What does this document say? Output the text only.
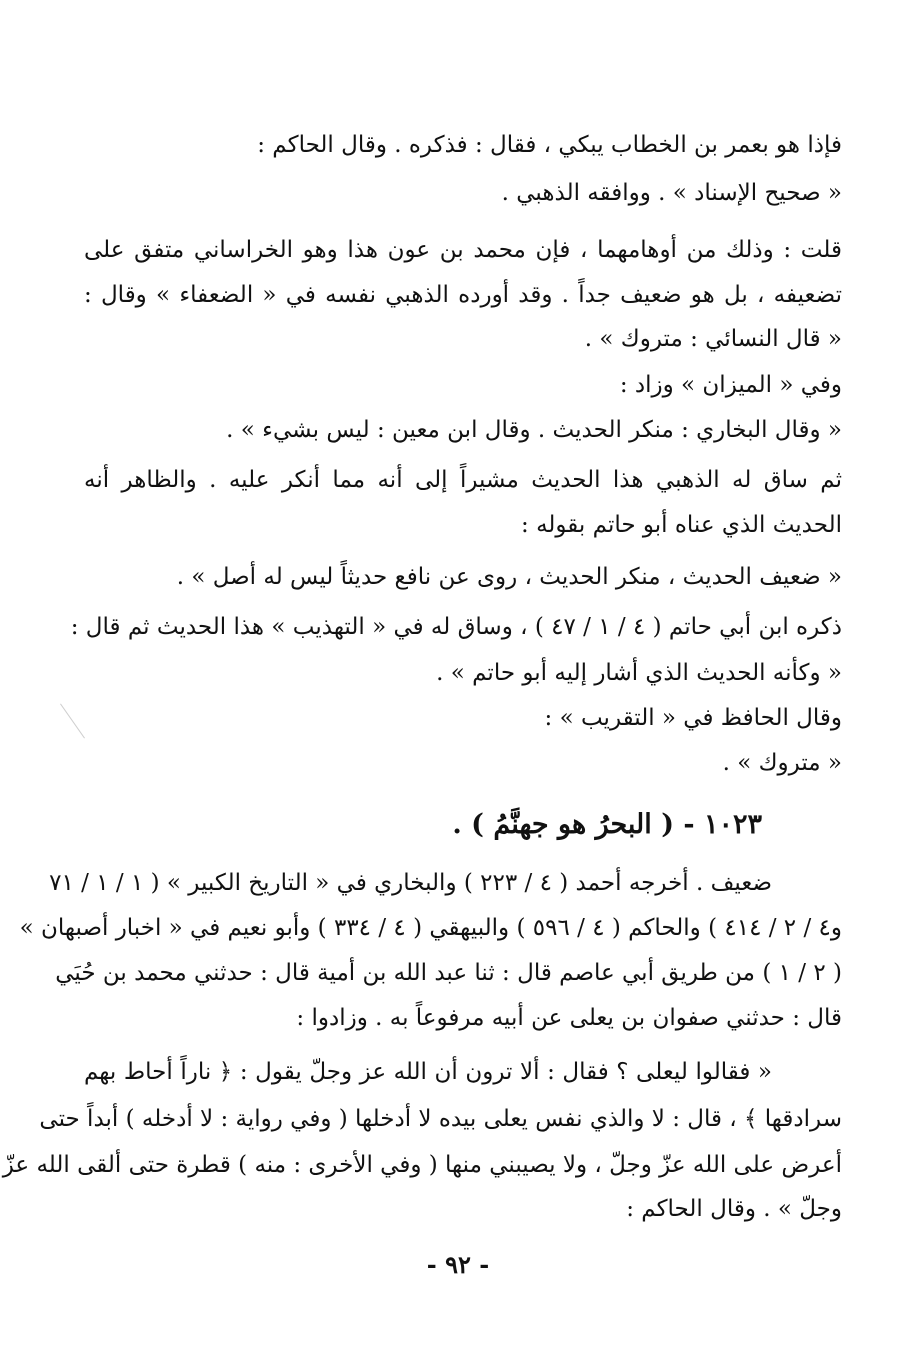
فإذا هو بعمر بن الخطاب يبكي ، فقال : فذكره . وقال الحاكم :
« صحيح الإسناد » . ووافقه الذهبي .
قلت : وذلك من أوهامهما ، فإن محمد بن عون هذا وهو الخراساني متفق على
تضعيفه ، بل هو ضعيف جداً . وقد أورده الذهبي نفسه في « الضعفاء » وقال :
« قال النسائي : متروك » .
وفي « الميزان » وزاد :
« وقال البخاري : منكر الحديث . وقال ابن معين : ليس بشيء » .
ثم ساق له الذهبي هذا الحديث مشيراً إلى أنه مما أنكر عليه . والظاهر أنه
الحديث الذي عناه أبو حاتم بقوله :
« ضعيف الحديث ، منكر الحديث ، روى عن نافع حديثاً ليس له أصل » .
ذكره ابن أبي حاتم ( ٤ / ١ / ٤٧ ) ، وساق له في « التهذيب » هذا الحديث ثم قال :
« وكأنه الحديث الذي أشار إليه أبو حاتم » .
وقال الحافظ في « التقريب » :
« متروك » .
١٠٢٣ - ( البحرُ هو جهنَّمُ ) .
ضعيف . أخرجه أحمد ( ٤ / ٢٢٣ ) والبخاري في « التاريخ الكبير » ( ١ / ١ / ٧١
و٤ / ٢ / ٤١٤ ) والحاكم ( ٤ / ٥٩٦ ) والبيهقي ( ٤ / ٣٣٤ ) وأبو نعيم في « اخبار أصبهان »
( ٢ / ١ ) من طريق أبي عاصم قال : ثنا عبد الله بن أمية قال : حدثني محمد بن حُيَي
قال : حدثني صفوان بن يعلى عن أبيه مرفوعاً به . وزادوا :
« فقالوا ليعلى ؟ فقال : ألا ترون أن الله عز وجلّ يقول : ﴿ ناراً أحاط بهم
سرادقها ﴾ ، قال : لا والذي نفس يعلى بيده لا أدخلها ( وفي رواية : لا أدخله ) أبداً حتى
أعرض على الله عزّ وجلّ ، ولا يصيبني منها ( وفي الأخرى : منه ) قطرة حتى ألقى الله عزّ
وجلّ » . وقال الحاكم :
- ٩٢ -
